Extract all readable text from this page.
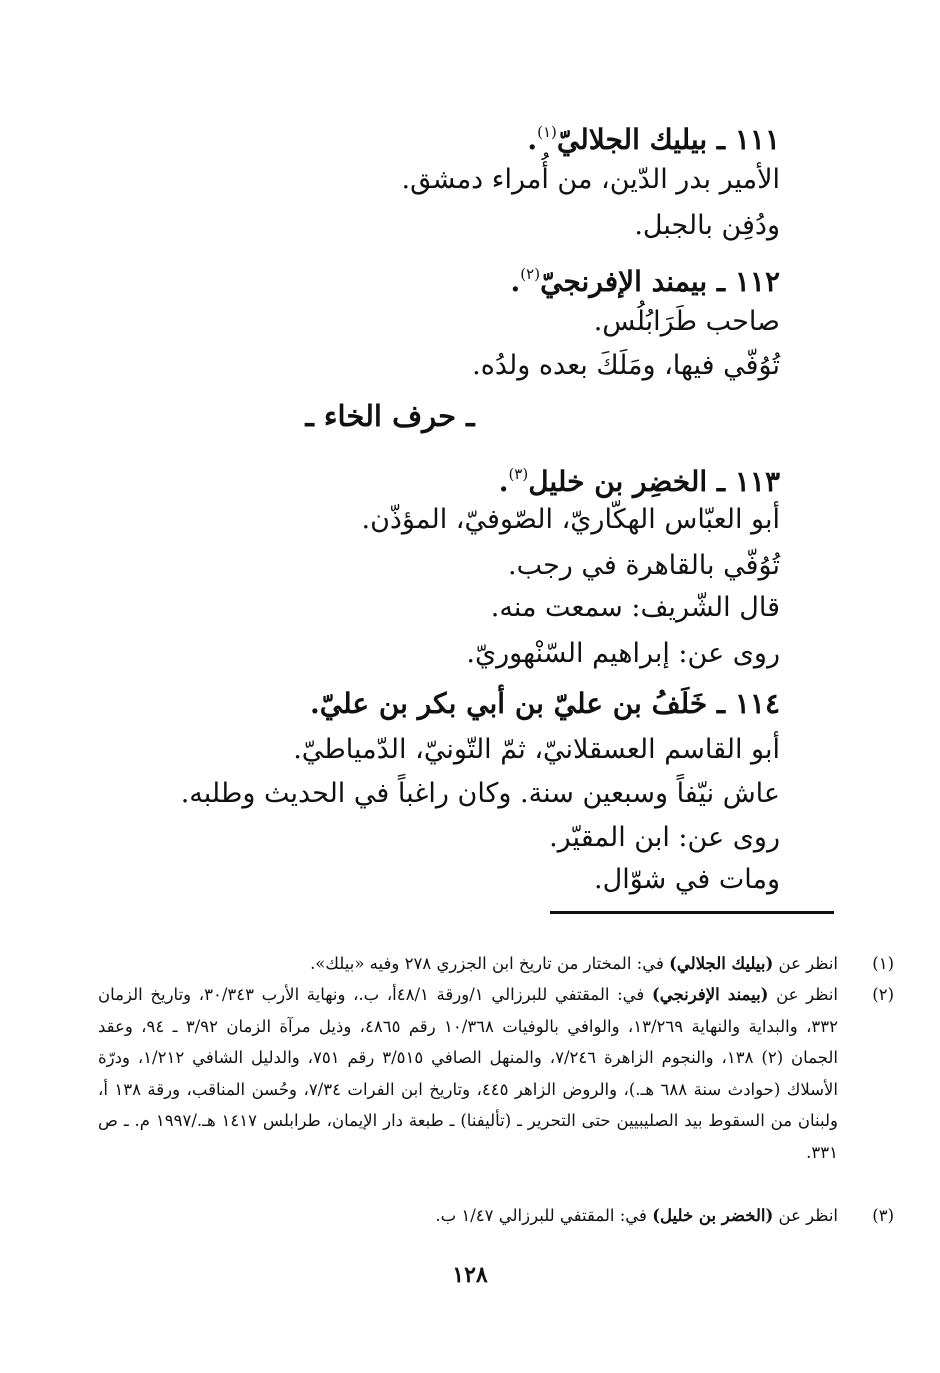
١١١ ـ بيليك الجلاليّ$^{(١)}$.
الأمير بدر الدّين، من أُمراء دمشق.
ودُفِن بالجبل.
١١٢ ـ بيمند الإفرنجيّ$^{(٢)}$.
صاحب طَرَابُلُس.
تُوُفّي فيها، ومَلَكَ بعده ولدُه.
ـ حرف الخاء ـ
١١٣ ـ الخضِر بن خليل$^{(٣)}$.
أبو العبّاس الهكّاريّ، الصّوفيّ، المؤذّن.
تُوُفّي بالقاهرة في رجب.
قال الشّريف: سمعت منه.
روى عن: إبراهيم السّنْهوريّ.
١١٤ ـ خَلَفُ بن عليّ بن أبي بكر بن عليّ.
أبو القاسم العسقلانيّ، ثمّ التّونيّ، الدّمياطيّ.
عاش نيّفاً وسبعين سنة. وكان راغباً في الحديث وطلبه.
روى عن: ابن المقيّر.
ومات في شوّال.
(١)
انظر عن (بيليك الجلالي) في: المختار من تاريخ ابن الجزري ٢٧٨ وفيه «بيلك».
(٢)
انظر عن (بيمند الإفرنجي) في: المقتفي للبرزالي ١/ورقة ٤٨/١أ، ب.، ونهاية الأرب ٣٠/٣٤٣، وتاريخ الزمان ٣٣٢، والبداية والنهاية ١٣/٢٦٩، والوافي بالوفيات ١٠/٣٦٨ رقم ٤٨٦٥، وذيل مرآة الزمان ٣/٩٢ ـ ٩٤، وعقد الجمان (٢) ١٣٨، والنجوم الزاهرة ٧/٢٤٦، والمنهل الصافي ٣/٥١٥ رقم ٧٥١، والدليل الشافي ١/٢١٢، ودرّة الأسلاك (حوادث سنة ٦٨٨ هـ.)، والروض الزاهر ٤٤٥، وتاريخ ابن الفرات ٧/٣٤، وحُسن المناقب، ورقة ١٣٨ أ، ولبنان من السقوط بيد الصليبيين حتى التحرير ـ (تأليفنا) ـ طبعة دار الإيمان، طرابلس ١٤١٧ هـ./١٩٩٧ م. ـ ص ٣٣١.
(٣)
انظر عن (الخضر بن خليل) في: المقتفي للبرزالي ١/٤٧ ب.
١٢٨
